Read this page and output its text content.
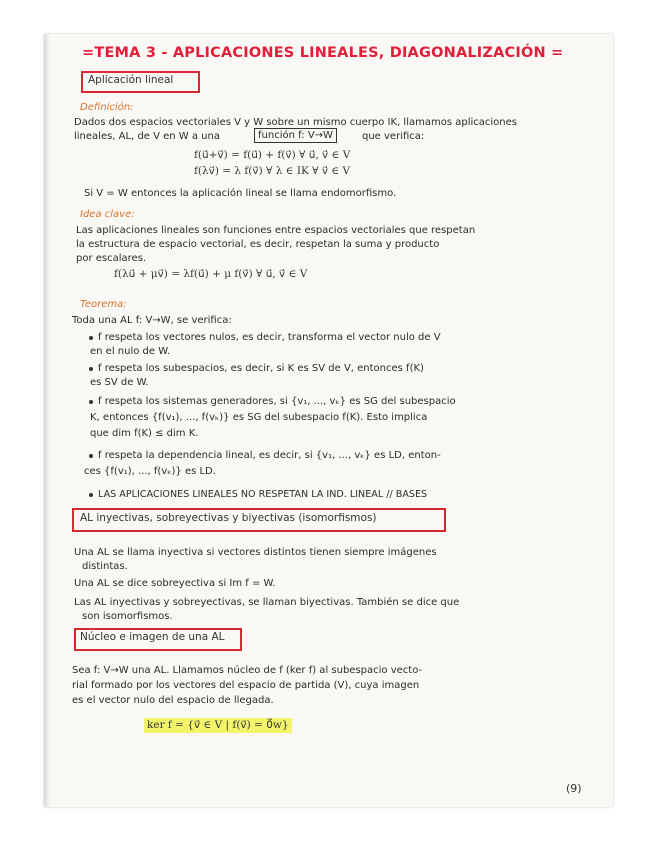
=TEMA 3 - APLICACIONES LINEALES, DIAGONALIZACIÓN =
Aplicación lineal
Definición:
Dados dos espacios vectoriales V y W sobre un mismo cuerpo IK, llamamos aplicaciones
lineales, AL, de V en W a una	función f: V→W	que verifica:
f(u⃗+v⃗) = f(u⃗) + f(v⃗) ∀ u⃗, v⃗ ∈ V
f(λv⃗) = λ f(v⃗) ∀ λ ∈ IK ∀ v⃗ ∈ V
Si V = W entonces la aplicación lineal se llama endomorfismo.
Idea clave:
Las aplicaciones lineales son funciones entre espacios vectoriales que respetan
la estructura de espacio vectorial, es decir, respetan la suma y producto
por escalares.
f(λu⃗ + μv⃗) = λf(u⃗) + μ f(v⃗) ∀ u⃗, v⃗ ∈ V
Teorema:
Toda una AL f: V→W, se verifica:
f respeta los vectores nulos, es decir, transforma el vector nulo de V
en el nulo de W.
f respeta los subespacios, es decir, si K es SV de V, entonces f(K)
es SV de W.
f respeta los sistemas generadores, si {v₁, ..., vₖ} es SG del subespacio
K, entonces {f(v₁), ..., f(vₖ)} es SG del subespacio f(K). Esto implica
que dim f(K) ≤ dim K.
f respeta la dependencia lineal, es decir, si {v₁, ..., vₖ} es LD, enton-
ces {f(v₁), ..., f(vₖ)} es LD.
LAS APLICACIONES LINEALES NO RESPETAN LA IND. LINEAL // BASES
AL inyectivas, sobreyectivas y biyectivas (isomorfismos)
Una AL se llama inyectiva si vectores distintos tienen siempre imágenes
distintas.
Una AL se dice sobreyectiva si Im f = W.
Las AL inyectivas y sobreyectivas, se llaman biyectivas. También se dice que
son isomorfismos.
Núcleo e imagen de una AL
Sea f: V→W una AL. Llamamos núcleo de f (ker f) al subespacio vecto-
rial formado por los vectores del espacio de partida (V), cuya imagen
es el vector nulo del espacio de llegada.
ker f = {v⃗ ∈ V | f(v⃗) = 0⃗w}
(9)
